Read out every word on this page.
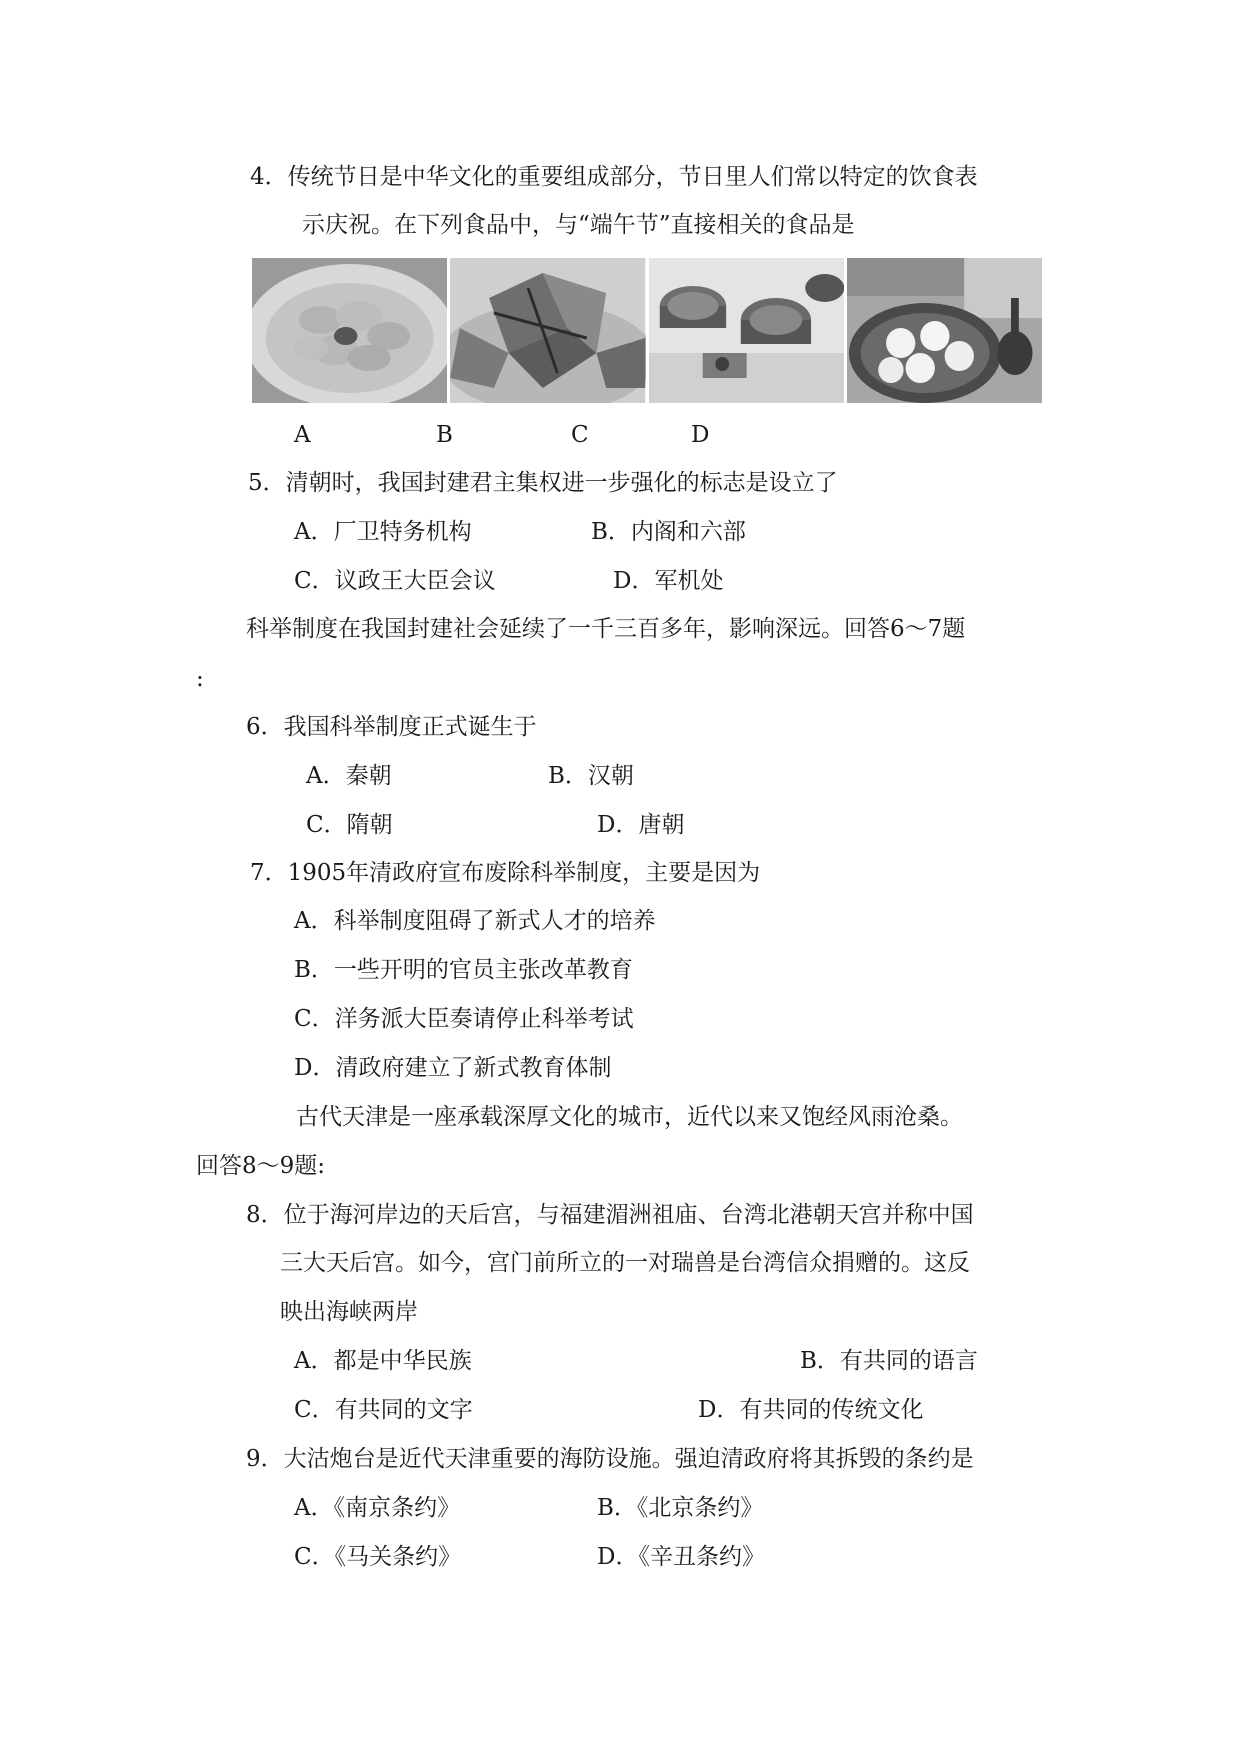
4．传统节日是中华文化的重要组成部分，节日里人们常以特定的饮食表
示庆祝。在下列食品中，与“端午节”直接相关的食品是
A	B	C	D
5．清朝时，我国封建君主集权进一步强化的标志是设立了
A．厂卫特务机构	B．内阁和六部
C．议政王大臣会议	D．军机处
科举制度在我国封建社会延续了一千三百多年，影响深远。回答6～7题
:
6．我国科举制度正式诞生于
A．秦朝	B．汉朝
C．隋朝	D．唐朝
7．1905年清政府宣布废除科举制度，主要是因为
A．科举制度阻碍了新式人才的培养
B．一些开明的官员主张改革教育
C．洋务派大臣奏请停止科举考试
D．清政府建立了新式教育体制
古代天津是一座承载深厚文化的城市，近代以来又饱经风雨沧桑。
回答8～9题:
8．位于海河岸边的天后宫，与福建湄洲祖庙、台湾北港朝天宫并称中国
三大天后宫。如今，宫门前所立的一对瑞兽是台湾信众捐赠的。这反
映出海峡两岸
A．都是中华民族	B．有共同的语言
C．有共同的文字	D．有共同的传统文化
9．大沽炮台是近代天津重要的海防设施。强迫清政府将其拆毁的条约是
A．《南京条约》	B．《北京条约》
C．《马关条约》	D．《辛丑条约》
